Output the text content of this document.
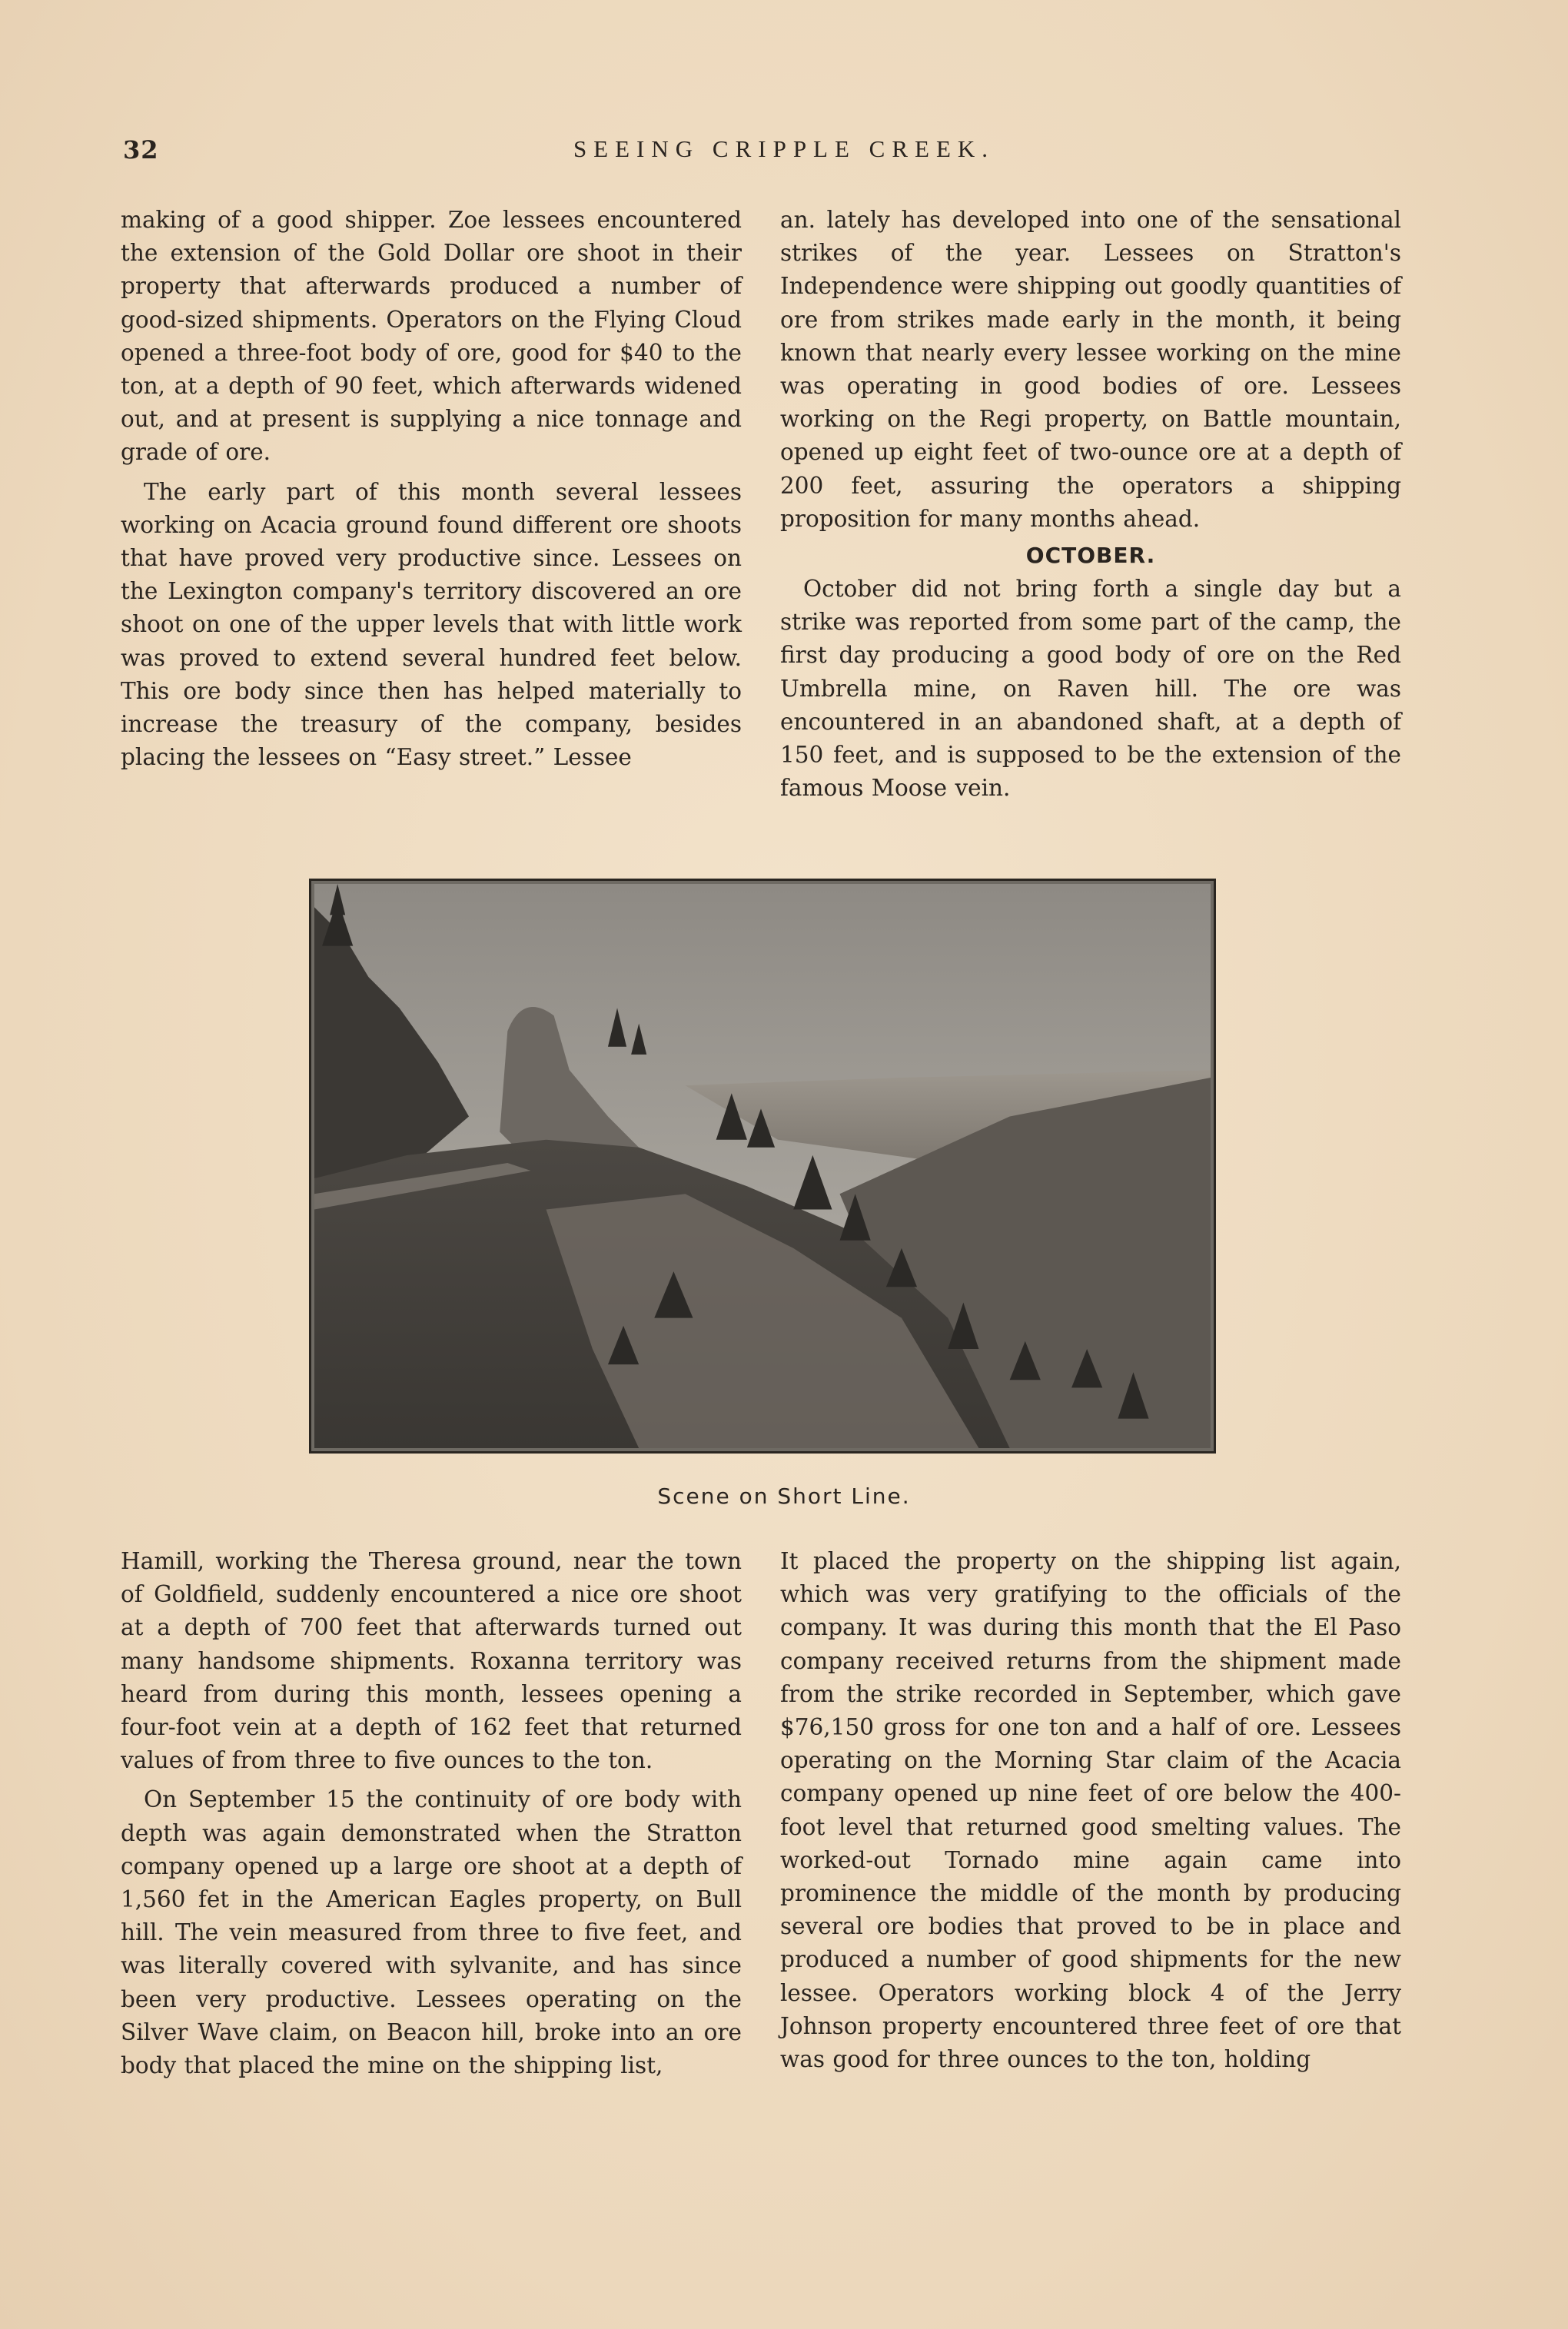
32	SEEING CRIPPLE CREEK.

making of a good shipper. Zoe lessees encountered the extension of the Gold Dollar ore shoot in their property that afterwards produced a number of good-sized shipments. Operators on the Flying Cloud opened a three-foot body of ore, good for $40 to the ton, at a depth of 90 feet, which afterwards widened out, and at present is supplying a nice tonnage and grade of ore.

The early part of this month several lessees working on Acacia ground found different ore shoots that have proved very productive since. Lessees on the Lexington company's territory discovered an ore shoot on one of the upper levels that with little work was proved to extend several hundred feet below. This ore body since then has helped materially to increase the treasury of the company, besides placing the lessees on “Easy street.” Lessee

an. lately has developed into one of the sensational strikes of the year. Lessees on Stratton's Independence were shipping out goodly quantities of ore from strikes made early in the month, it being known that nearly every lessee working on the mine was operating in good bodies of ore. Lessees working on the Regi property, on Battle mountain, opened up eight feet of two-ounce ore at a depth of 200 feet, assuring the operators a shipping proposition for many months ahead.

OCTOBER.

October did not bring forth a single day but a strike was reported from some part of the camp, the first day producing a good body of ore on the Red Umbrella mine, on Raven hill. The ore was encountered in an abandoned shaft, at a depth of 150 feet, and is supposed to be the extension of the famous Moose vein.

Scene on Short Line.

Hamill, working the Theresa ground, near the town of Goldfield, suddenly encountered a nice ore shoot at a depth of 700 feet that afterwards turned out many handsome shipments. Roxanna territory was heard from during this month, lessees opening a four-foot vein at a depth of 162 feet that returned values of from three to five ounces to the ton.

On September 15 the continuity of ore body with depth was again demonstrated when the Stratton company opened up a large ore shoot at a depth of 1,560 fet in the American Eagles property, on Bull hill. The vein measured from three to five feet, and was literally covered with sylvanite, and has since been very productive. Lessees operating on the Silver Wave claim, on Beacon hill, broke into an ore body that placed the mine on the shipping list,

It placed the property on the shipping list again, which was very gratifying to the officials of the company. It was during this month that the El Paso company received returns from the shipment made from the strike recorded in September, which gave $76,150 gross for one ton and a half of ore. Lessees operating on the Morning Star claim of the Acacia company opened up nine feet of ore below the 400-foot level that returned good smelting values. The worked-out Tornado mine again came into prominence the middle of the month by producing several ore bodies that proved to be in place and produced a number of good shipments for the new lessee. Operators working block 4 of the Jerry Johnson property encountered three feet of ore that was good for three ounces to the ton, holding
